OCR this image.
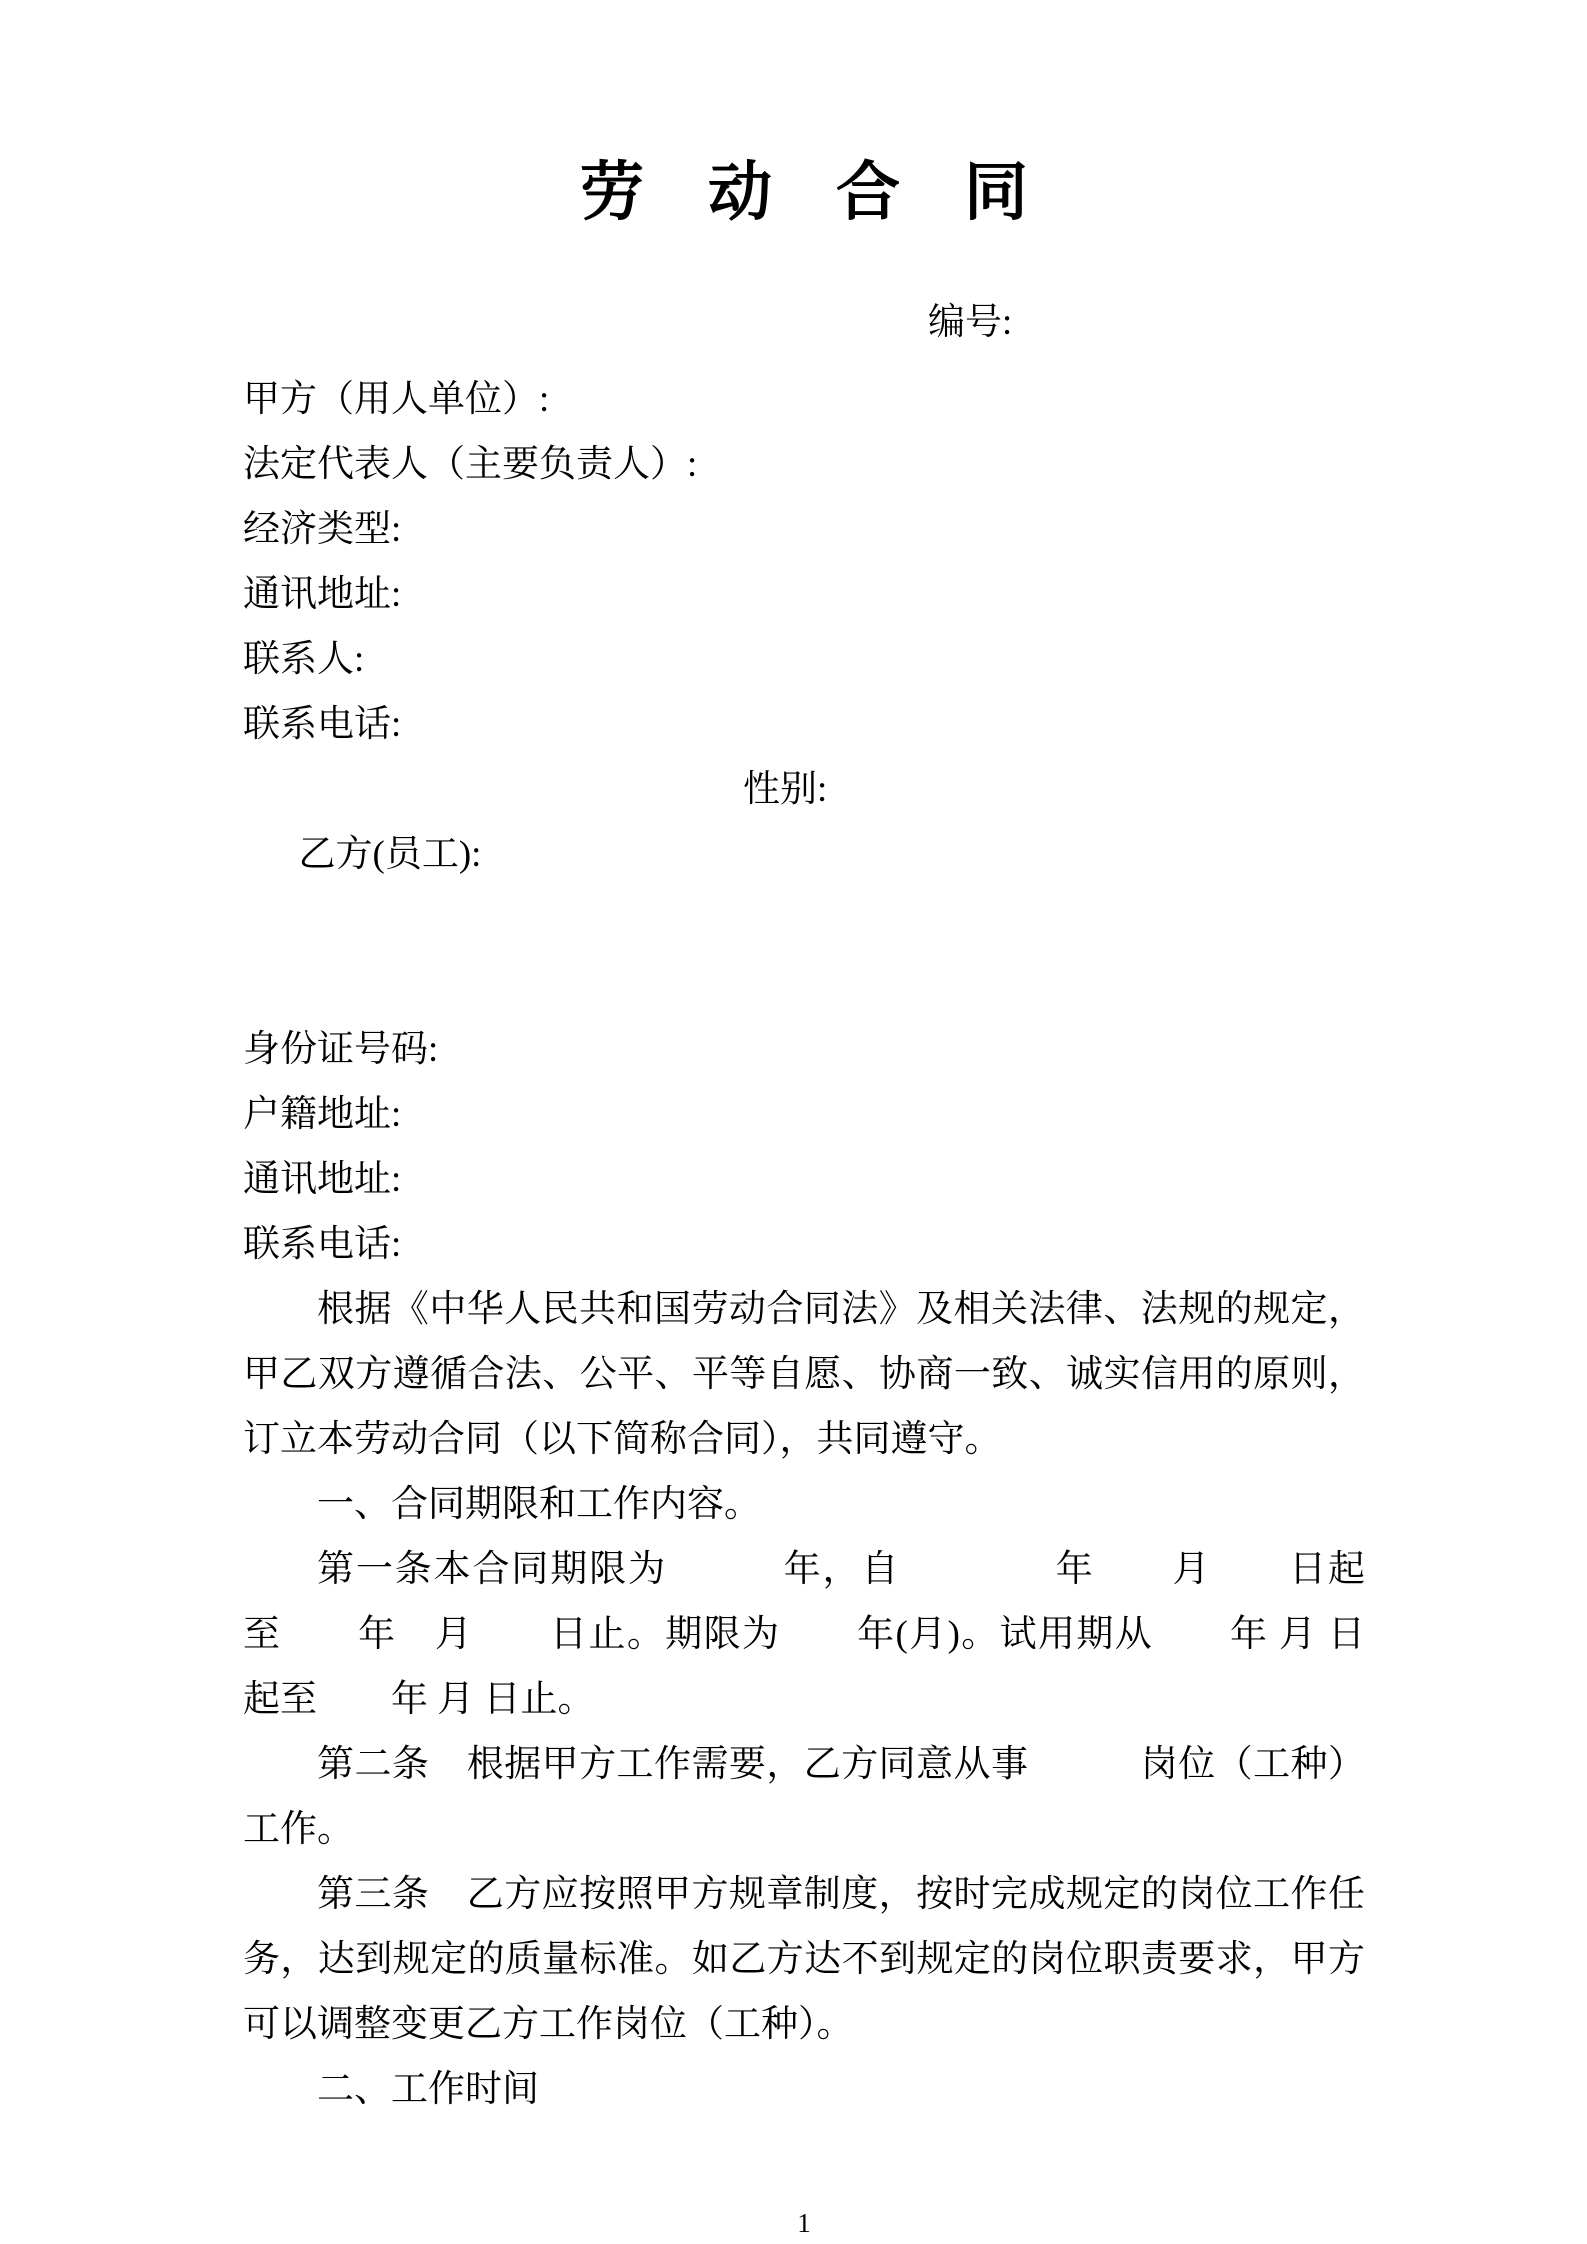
劳　动　合　同
编号:
甲方（用人单位）:
法定代表人（主要负责人）:
经济类型:
通讯地址:
联系人:
联系电话:

乙方(员工):

性别:

身份证号码:
户籍地址:
通讯地址:
联系电话:
根据《中华人民共和国劳动合同法》及相关法律、法规的规定，
甲乙双方遵循合法、公平、平等自愿、协商一致、诚实信用的原则，
订立本劳动合同（以下简称合同），共同遵守。
一、合同期限和工作内容。
第一条本合同期限为　　　年，自　　　　年　　月　　日起
至　　年　月　　日止。期限为　　年(月)。试用期从　　年 月 日
起至　　年 月 日止。
第二条　根据甲方工作需要，乙方同意从事　　　岗位（工种）
工作。
第三条　乙方应按照甲方规章制度，按时完成规定的岗位工作任
务，达到规定的质量标准。如乙方达不到规定的岗位职责要求，甲方
可以调整变更乙方工作岗位（工种）。
二、工作时间
1
